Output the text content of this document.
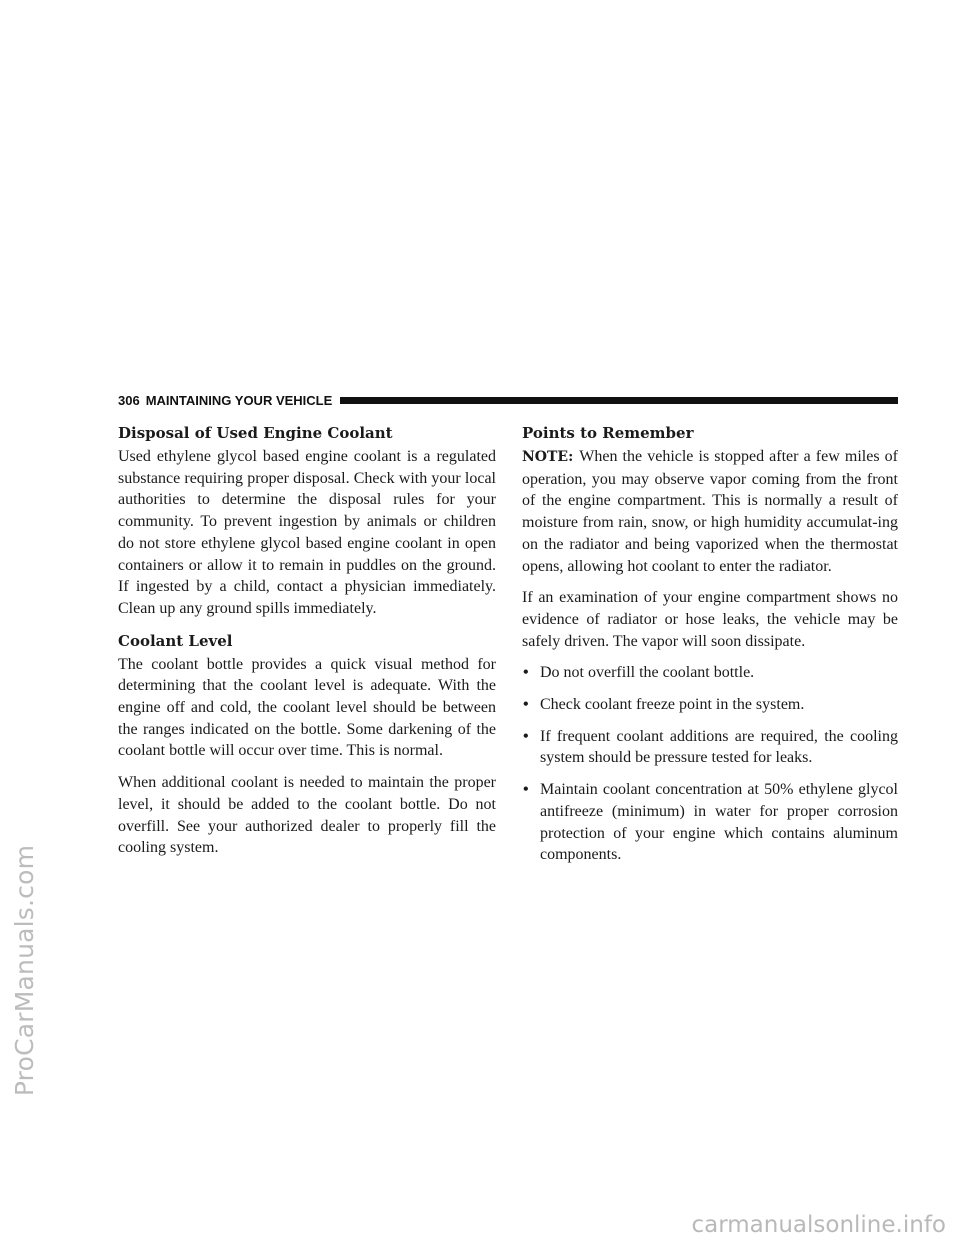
ProCarManuals.com
306 MAINTAINING YOUR VEHICLE
Disposal of Used Engine Coolant

Used ethylene glycol based engine coolant is a regulated substance requiring proper disposal. Check with your local authorities to determine the disposal rules for your community. To prevent ingestion by animals or children do not store ethylene glycol based engine coolant in open containers or allow it to remain in puddles on the ground. If ingested by a child, contact a physician immediately. Clean up any ground spills immediately.

Coolant Level

The coolant bottle provides a quick visual method for determining that the coolant level is adequate. With the engine off and cold, the coolant level should be between the ranges indicated on the bottle. Some darkening of the coolant bottle will occur over time. This is normal.

When additional coolant is needed to maintain the proper level, it should be added to the coolant bottle. Do not overfill. See your authorized dealer to properly fill the cooling system.

Points to Remember

NOTE: When the vehicle is stopped after a few miles of operation, you may observe vapor coming from the front of the engine compartment. This is normally a result of moisture from rain, snow, or high humidity accumulat-ing on the radiator and being vaporized when the thermostat opens, allowing hot coolant to enter the radiator.

If an examination of your engine compartment shows no evidence of radiator or hose leaks, the vehicle may be safely driven. The vapor will soon dissipate.

• Do not overfill the coolant bottle.
• Check coolant freeze point in the system.
• If frequent coolant additions are required, the cooling system should be pressure tested for leaks.
• Maintain coolant concentration at 50% ethylene glycol antifreeze (minimum) in water for proper corrosion protection of your engine which contains aluminum components.
carmanualsonline.info
